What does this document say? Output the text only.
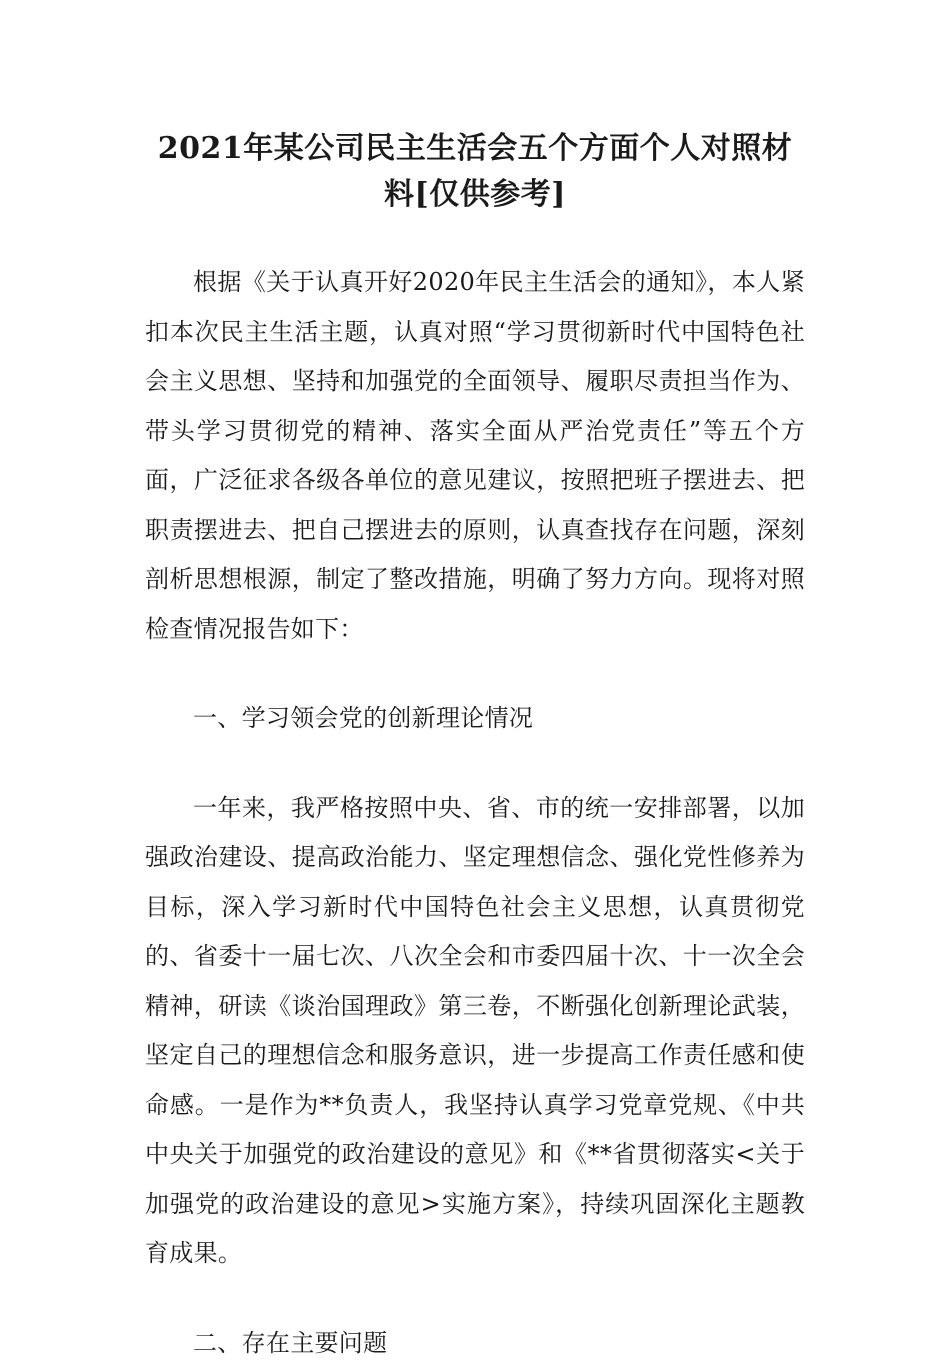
2021年某公司民主生活会五个方面个人对照材料[仅供参考]

根据《关于认真开好2020年民主生活会的通知》，本人紧扣本次民主生活主题，认真对照“学习贯彻新时代中国特色社会主义思想、坚持和加强党的全面领导、履职尽责担当作为、带头学习贯彻党的精神、落实全面从严治党责任”等五个方面，广泛征求各级各单位的意见建议，按照把班子摆进去、把职责摆进去、把自己摆进去的原则，认真查找存在问题，深刻剖析思想根源，制定了整改措施，明确了努力方向。现将对照检查情况报告如下：

一、学习领会党的创新理论情况

一年来，我严格按照中央、省、市的统一安排部署，以加强政治建设、提高政治能力、坚定理想信念、强化党性修养为目标，深入学习新时代中国特色社会主义思想，认真贯彻党的、省委十一届七次、八次全会和市委四届十次、十一次全会精神，研读《谈治国理政》第三卷，不断强化创新理论武装，坚定自己的理想信念和服务意识，进一步提高工作责任感和使命感。一是作为**负责人，我坚持认真学习党章党规、《中共中央关于加强党的政治建设的意见》和《**省贯彻落实<关于加强党的政治建设的意见>实施方案》，持续巩固深化主题教育成果。

二、存在主要问题
